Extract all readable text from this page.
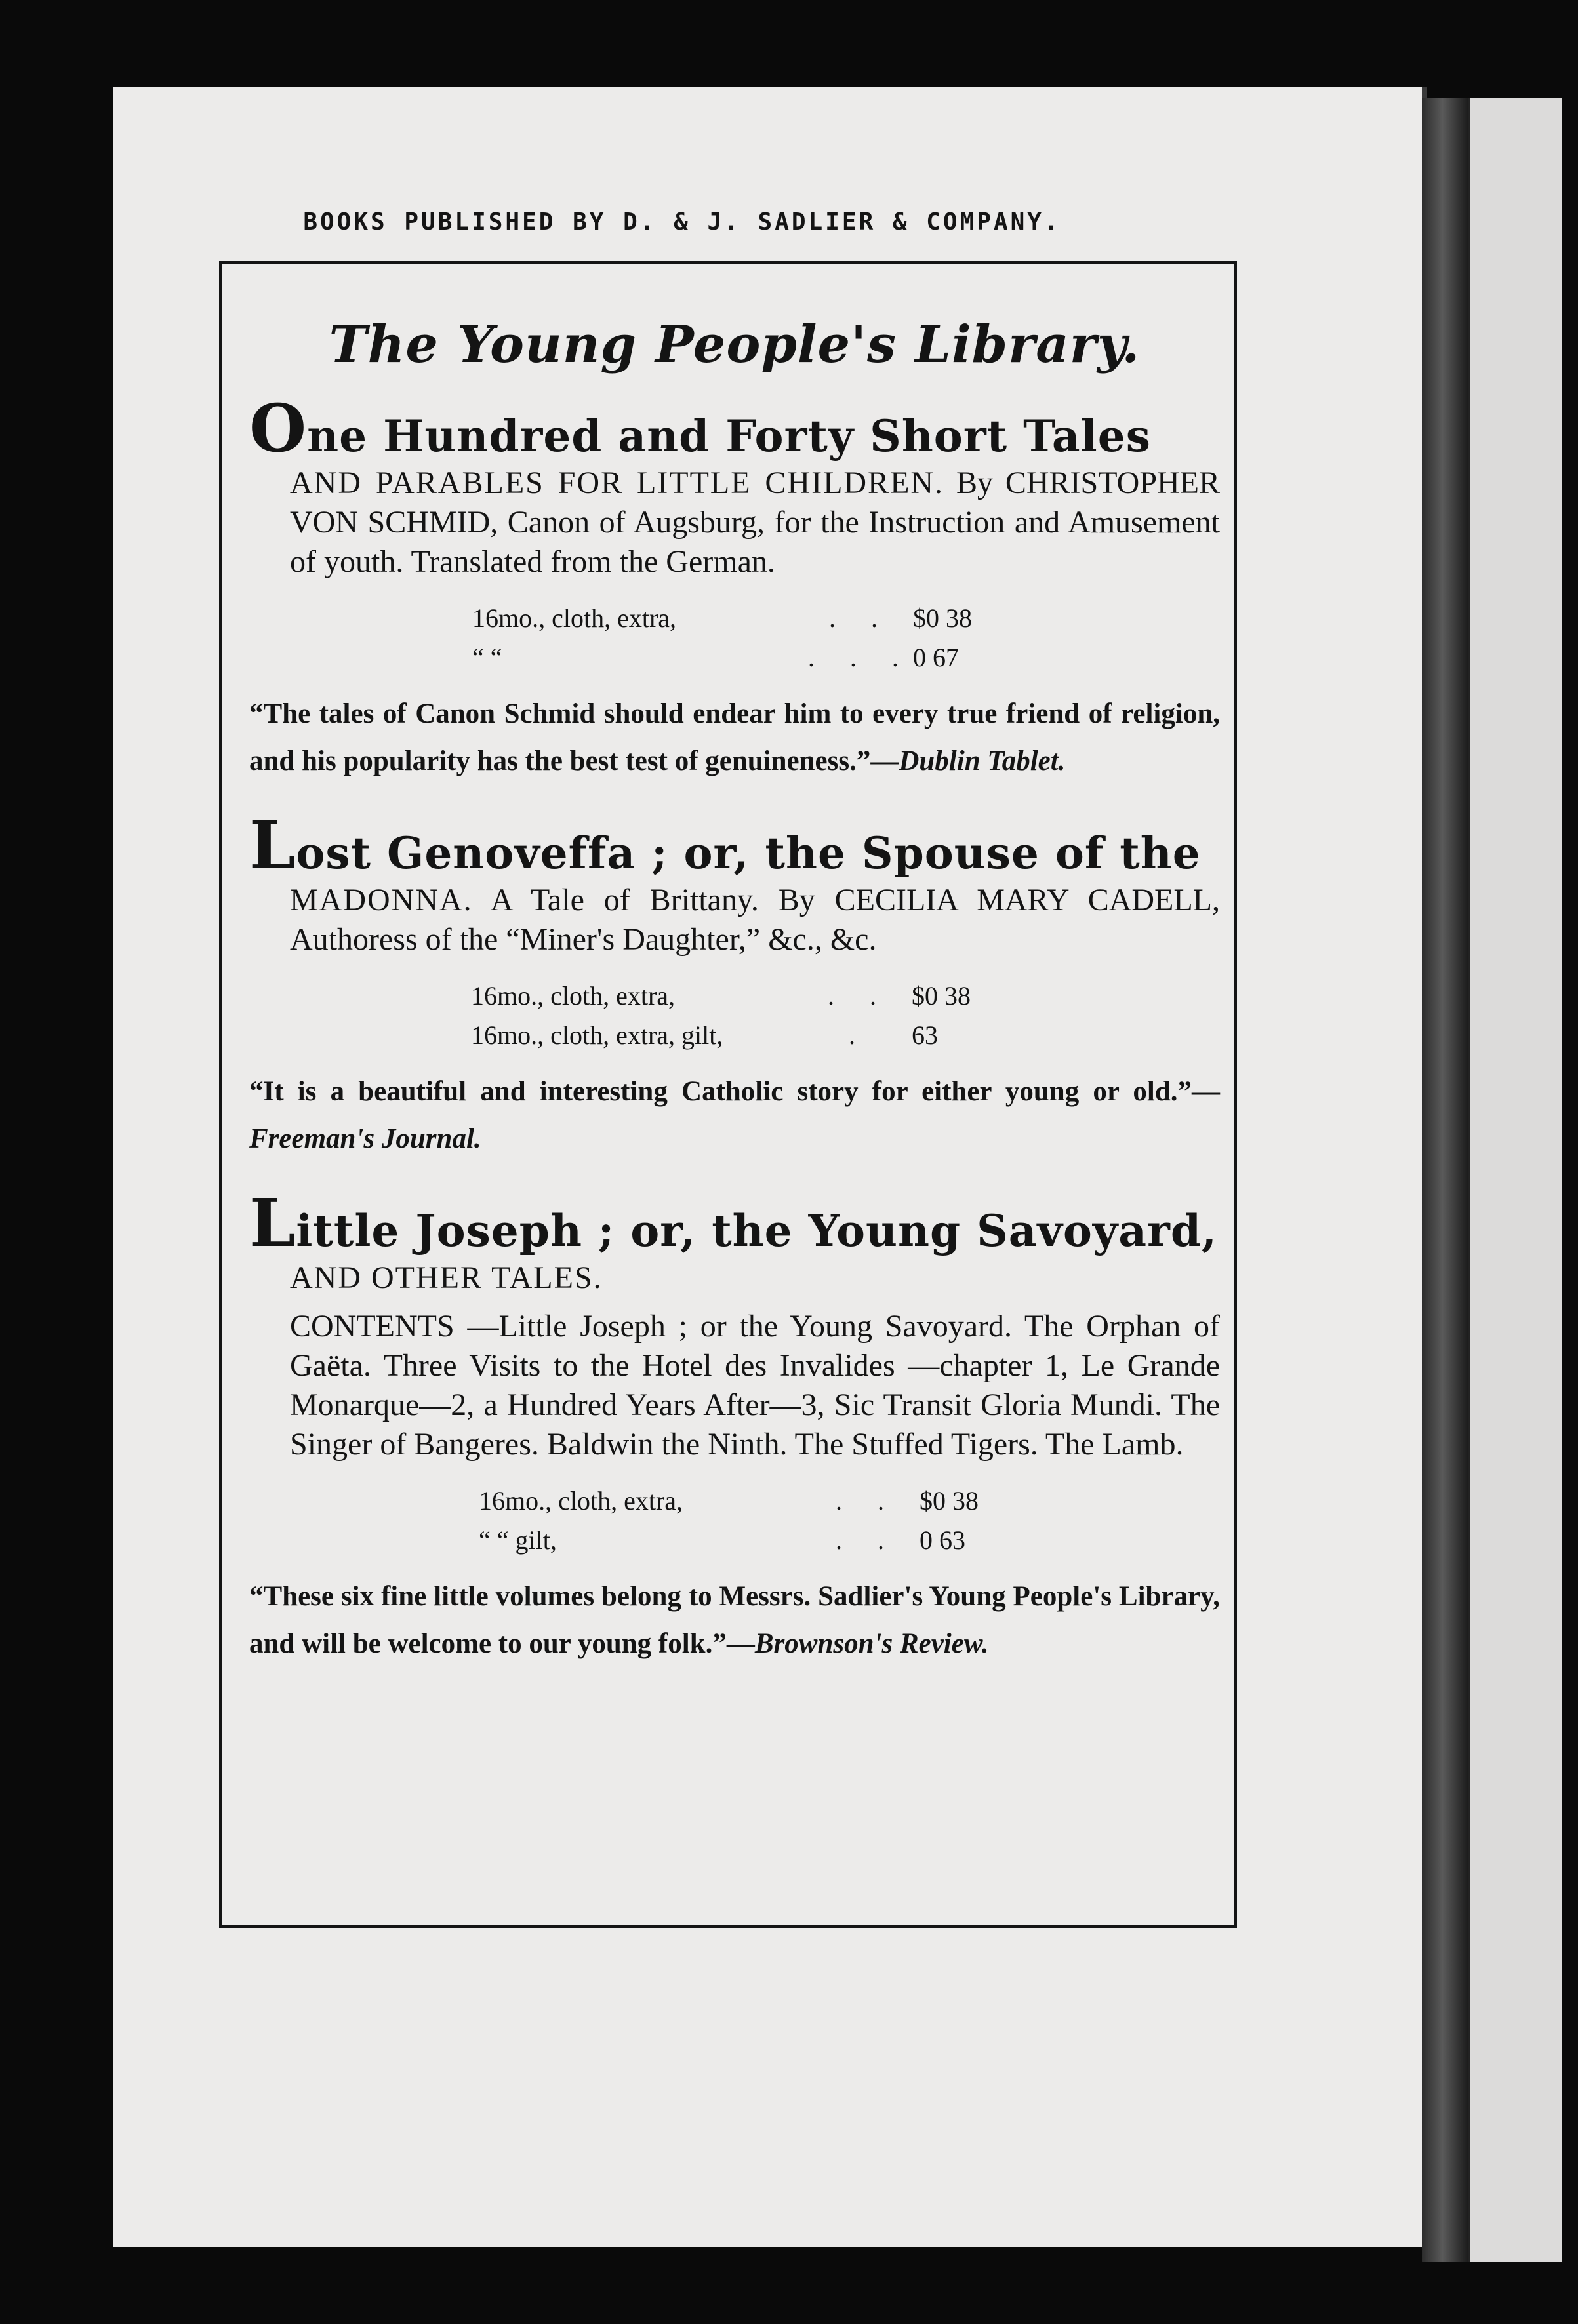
BOOKS PUBLISHED BY D. & J. SADLIER & COMPANY.
The Young People's Library.
One Hundred and Forty Short Tales
AND PARABLES FOR LITTLE CHILDREN. By CHRISTOPHER VON SCHMID, Canon of Augsburg, for the Instruction and Amusement of youth. Translated from the German.
16mo., cloth, extra,	. .	$0 38
“ “	. . .	0 67
“The tales of Canon Schmid should endear him to every true friend of religion, and his popularity has the best test of genuineness.”—Dublin Tablet.
Lost Genoveffa ; or, the Spouse of the
MADONNA. A Tale of Brittany. By CECILIA MARY CADELL, Authoress of the “Miner's Daughter,” &c., &c.
16mo., cloth, extra,	. .	$0 38
16mo., cloth, extra, gilt,	.	63
“It is a beautiful and interesting Catholic story for either young or old.”—Freeman's Journal.
Little Joseph ; or, the Young Savoyard,
AND OTHER TALES.
CONTENTS —Little Joseph ; or the Young Savoyard. The Orphan of Gaëta. Three Visits to the Hotel des Invalides —chapter 1, Le Grande Monarque—2, a Hundred Years After—3, Sic Transit Gloria Mundi. The Singer of Bangeres. Baldwin the Ninth. The Stuffed Tigers. The Lamb.
16mo., cloth, extra,	. .	$0 38
“ “ gilt,	. .	0 63
“These six fine little volumes belong to Messrs. Sadlier's Young People's Library, and will be welcome to our young folk.”—Brownson's Review.
